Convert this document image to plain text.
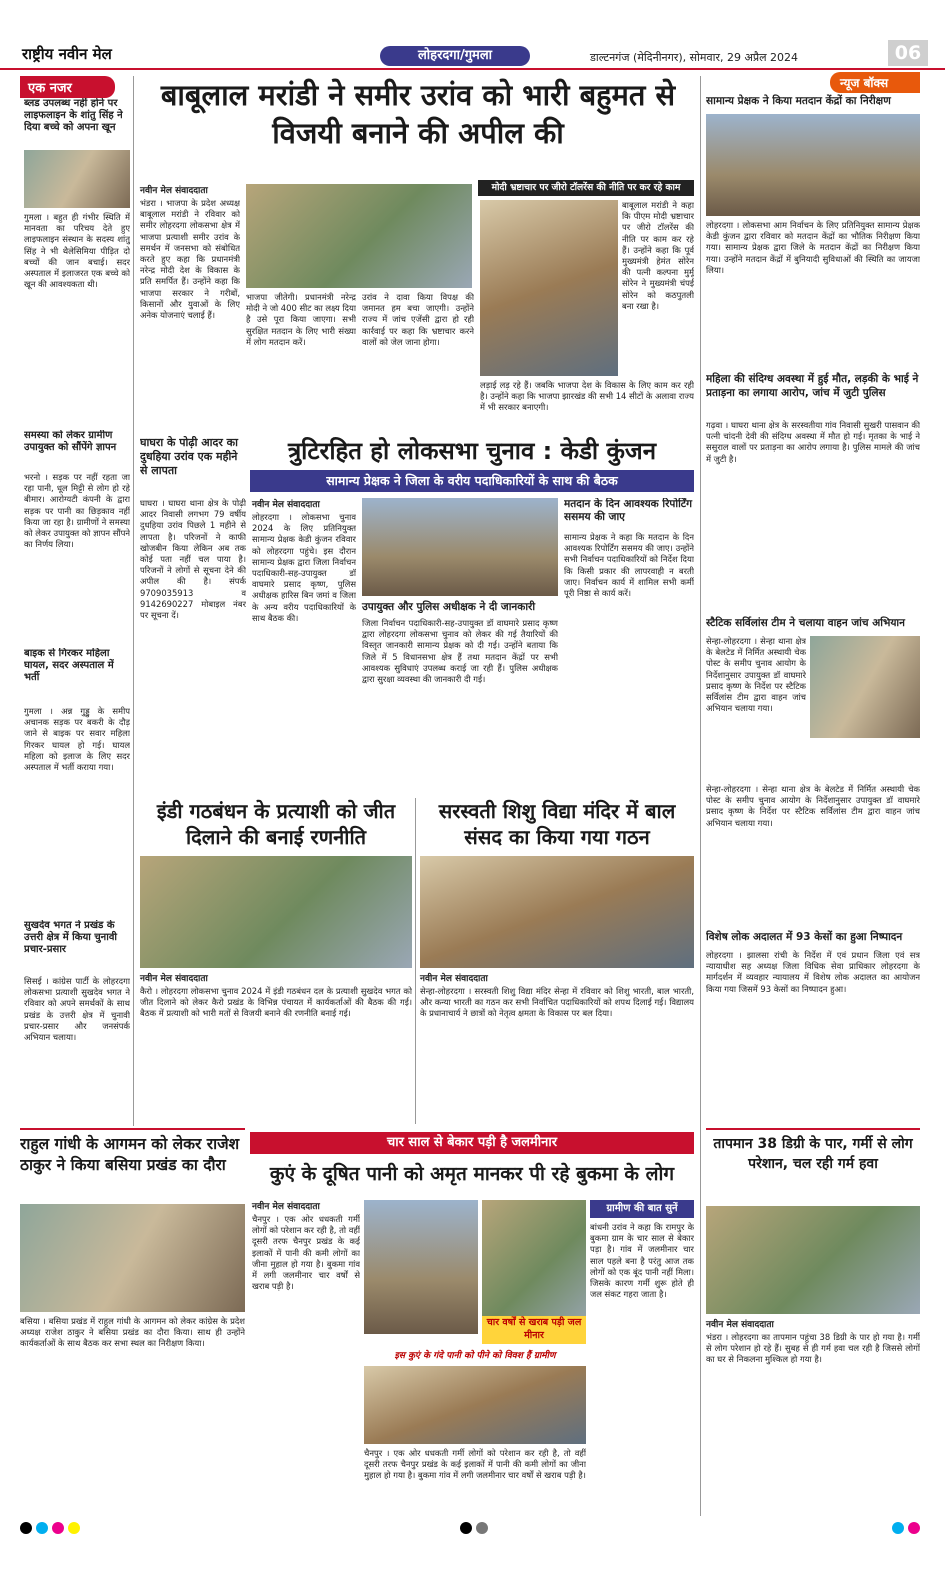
राष्ट्रीय नवीन मेल	लोहरदगा/गुमला	डाल्टनगंज (मेदिनीनगर), सोमवार, 29 अप्रैल 2024	06
एक नजर
ब्लड उपलब्ध नहीं होने पर लाइफलाइन के शांतु सिंह ने दिया बच्चे को अपना खून
गुमला । बहुत ही गंभीर स्थिति में मानवता का परिचय देते हुए लाइफलाइन संस्थान के सदस्य शांतु सिंह ने भी थैलेसिमिया पीड़ित दो बच्चों की जान बचाई। सदर अस्पताल में इलाजरत एक बच्चे को खून की आवश्यकता थी।
समस्या को लेकर ग्रामीण उपायुक्त को सौंपेंगे ज्ञापन
भरनो । सड़क पर नहीं रहता जा रहा पानी, धूल मिट्टी से लोग हो रहे बीमार। आरोग्यटी कंपनी के द्वारा सड़क पर पानी का छिड़काव नहीं किया जा रहा है। ग्रामीणों ने समस्या को लेकर उपायुक्त को ज्ञापन सौंपने का निर्णय लिया।
बाइक से गिरकर महिला घायल, सदर अस्पताल में भर्ती
गुमला । अन्न गुड्डु के समीप अचानक सड़क पर बकरी के दौड़ जाने से बाइक पर सवार महिला गिरकर घायल हो गई। घायल महिला को इलाज के लिए सदर अस्पताल में भर्ती कराया गया।
सुखदेव भगत ने प्रखंड के उत्तरी क्षेत्र में किया चुनावी प्रचार-प्रसार
सिसई । कांग्रेस पार्टी के लोहरदगा लोकसभा प्रत्याशी सुखदेव भगत ने रविवार को अपने समर्थकों के साथ प्रखंड के उत्तरी क्षेत्र में चुनावी प्रचार-प्रसार और जनसंपर्क अभियान चलाया।
बाबूलाल मरांडी ने समीर उरांव को भारी बहुमत से विजयी बनाने की अपील की
नवीन मेल संवाददाता
भंडरा । भाजपा के प्रदेश अध्यक्ष बाबूलाल मरांडी ने रविवार को समीर लोहरदगा लोकसभा क्षेत्र में भाजपा प्रत्याशी समीर उरांव के समर्थन में जनसभा को संबोधित करते हुए कहा कि प्रधानमंत्री नरेन्द्र मोदी देश के विकास के प्रति समर्पित हैं। उन्होंने कहा कि भाजपा सरकार ने गरीबों, किसानों और युवाओं के लिए अनेक योजनाएं चलाई हैं।
भाजपा जीतेगी। प्रधानमंत्री नरेन्द्र मोदी ने जो 400 सीट का लक्ष्य दिया है उसे पूरा किया जाएगा। सभी सुरक्षित मतदान के लिए भारी संख्या में लोग मतदान करें।
उरांव ने दावा किया विपक्ष की जमानत हम बचा जाएगी। उन्होंने राज्य में जांच एजेंसी द्वारा हो रही कार्रवाई पर कहा कि भ्रष्टाचार करने वालों को जेल जाना होगा।
मोदी भ्रष्टाचार पर जीरो टॉलरेंस की नीति पर कर रहे काम
बाबूलाल मरांडी ने कहा कि पीएम मोदी भ्रष्टाचार पर जीरो टॉलरेंस की नीति पर काम कर रहे हैं। उन्होंने कहा कि पूर्व मुख्यमंत्री हेमंत सोरेन की पत्नी कल्पना मुर्मू सोरेन ने मुख्यमंत्री चंपई सोरेन को कठपुतली बना रखा है।
लड़ाई लड़ रहे हैं। जबकि भाजपा देश के विकास के लिए काम कर रही है। उन्होंने कहा कि भाजपा झारखंड की सभी 14 सीटों के अलावा राज्य में भी सरकार बनाएगी।
घाघरा के पोढ़ी आदर का दुधहिया उरांव एक महीने से लापता
घाघरा । घाघरा थाना क्षेत्र के पोढ़ी आदर निवासी लगभग 79 वर्षीय दुधहिया उरांव पिछले 1 महीने से लापता है। परिजनों ने काफी खोजबीन किया लेकिन अब तक कोई पता नहीं चल पाया है। परिजनों ने लोगों से सूचना देने की अपील की है। संपर्क 9709035913 व 9142690227 मोबाइल नंबर पर सूचना दें।
त्रुटिरहित हो लोकसभा चुनाव : केडी कुंजन
सामान्य प्रेक्षक ने जिला के वरीय पदाधिकारियों के साथ की बैठक
नवीन मेल संवाददाता
लोहरदगा । लोकसभा चुनाव 2024 के लिए प्रतिनियुक्त सामान्य प्रेक्षक केडी कुंजन रविवार को लोहरदगा पहुंचे। इस दौरान सामान्य प्रेक्षक द्वारा जिला निर्वाचन पदाधिकारी-सह-उपायुक्त डॉ वाघमारे प्रसाद कृष्ण, पुलिस अधीक्षक हारिस बिन जमां व जिला के अन्य वरीय पदाधिकारियों के साथ बैठक की।
उपायुक्त और पुलिस अधीक्षक ने दी जानकारी
जिला निर्वाचन पदाधिकारी-सह-उपायुक्त डॉ वाघमारे प्रसाद कृष्ण द्वारा लोहरदगा लोकसभा चुनाव को लेकर की गई तैयारियों की विस्तृत जानकारी सामान्य प्रेक्षक को दी गई। उन्होंने बताया कि जिले में 5 विधानसभा क्षेत्र हैं तथा मतदान केंद्रों पर सभी आवश्यक सुविधाएं उपलब्ध कराई जा रही हैं। पुलिस अधीक्षक द्वारा सुरक्षा व्यवस्था की जानकारी दी गई।
मतदान के दिन आवश्यक रिपोर्टिंग ससमय की जाए
सामान्य प्रेक्षक ने कहा कि मतदान के दिन आवश्यक रिपोर्टिंग ससमय की जाए। उन्होंने सभी निर्वाचन पदाधिकारियों को निर्देश दिया कि किसी प्रकार की लापरवाही न बरती जाए। निर्वाचन कार्य में शामिल सभी कर्मी पूरी निष्ठा से कार्य करें।
इंडी गठबंधन के प्रत्याशी को जीत दिलाने की बनाई रणनीति
नवीन मेल संवाददाता
कैरो । लोहरदगा लोकसभा चुनाव 2024 में इंडी गठबंधन दल के प्रत्याशी सुखदेव भगत को जीत दिलाने को लेकर कैरो प्रखंड के विभिन्न पंचायत में कार्यकर्ताओं की बैठक की गई। बैठक में प्रत्याशी को भारी मतों से विजयी बनाने की रणनीति बनाई गई।
सरस्वती शिशु विद्या मंदिर में बाल संसद का किया गया गठन
नवीन मेल संवाददाता
सेन्हा-लोहरदगा । सरस्वती शिशु विद्या मंदिर सेन्हा में रविवार को शिशु भारती, बाल भारती, और कन्या भारती का गठन कर सभी निर्वाचित पदाधिकारियों को शपथ दिलाई गई। विद्यालय के प्रधानाचार्य ने छात्रों को नेतृत्व क्षमता के विकास पर बल दिया।
राहुल गांधी के आगमन को लेकर राजेश ठाकुर ने किया बसिया प्रखंड का दौरा
बसिया । बसिया प्रखंड में राहुल गांधी के आगमन को लेकर कांग्रेस के प्रदेश अध्यक्ष राजेश ठाकुर ने बसिया प्रखंड का दौरा किया। साथ ही उन्होंने कार्यकर्ताओं के साथ बैठक कर सभा स्थल का निरीक्षण किया।
चार साल से बेकार पड़ी है जलमीनार
कुएं के दूषित पानी को अमृत मानकर पी रहे बुकमा के लोग
नवीन मेल संवाददाता
चैनपुर । एक ओर धधकती गर्मी लोगों को परेशान कर रही है, तो वहीं दूसरी तरफ चैनपुर प्रखंड के कई इलाकों में पानी की कमी लोगों का जीना मुहाल हो गया है। बुकमा गांव में लगी जलमीनार चार वर्षों से खराब पड़ी है।
चार वर्षों से खराब पड़ी जल मीनार
इस कुएं के गंदे पानी को पीने को विवश हैं ग्रामीण
चैनपुर । एक ओर धधकती गर्मी लोगों को परेशान कर रही है, तो वहीं दूसरी तरफ चैनपुर प्रखंड के कई इलाकों में पानी की कमी लोगों का जीना मुहाल हो गया है। बुकमा गांव में लगी जलमीनार चार वर्षों से खराब पड़ी है।
ग्रामीण की बात सुनें
बांधनी उरांव ने कहा कि रामपुर के बुकमा ग्राम के चार साल से बेकार पड़ा है। गांव में जलमीनार चार साल पहले बना है परंतु आज तक लोगों को एक बूंद पानी नहीं मिला। जिसके कारण गर्मी शुरू होते ही जल संकट गहरा जाता है।
न्यूज बॉक्स
सामान्य प्रेक्षक ने किया मतदान केंद्रों का निरीक्षण
लोहरदगा । लोकसभा आम निर्वाचन के लिए प्रतिनियुक्त सामान्य प्रेक्षक केडी कुंजन द्वारा रविवार को मतदान केंद्रों का भौतिक निरीक्षण किया गया। सामान्य प्रेक्षक द्वारा जिले के मतदान केंद्रों का निरीक्षण किया गया। उन्होंने मतदान केंद्रों में बुनियादी सुविधाओं की स्थिति का जायजा लिया।
महिला की संदिग्ध अवस्था में हुई मौत, लड़की के भाई ने प्रताड़ना का लगाया आरोप, जांच में जुटी पुलिस
गढ़वा । घाघरा थाना क्षेत्र के सरस्वतीया गांव निवासी सुखरी पासवान की पत्नी चांदनी देवी की संदिग्ध अवस्था में मौत हो गई। मृतका के भाई ने ससुराल वालों पर प्रताड़ना का आरोप लगाया है। पुलिस मामले की जांच में जुटी है।
स्टैटिक सर्विलांस टीम ने चलाया वाहन जांच अभियान
सेन्हा-लोहरदगा । सेन्हा थाना क्षेत्र के बेलटेड में निर्मित अस्थायी चेक पोस्ट के समीप चुनाव आयोग के निर्देशानुसार उपायुक्त डॉ वाघमारे प्रसाद कृष्ण के निर्देश पर स्टैटिक सर्विलांस टीम द्वारा वाहन जांच अभियान चलाया गया।
सेन्हा-लोहरदगा । सेन्हा थाना क्षेत्र के बेलटेड में निर्मित अस्थायी चेक पोस्ट के समीप चुनाव आयोग के निर्देशानुसार उपायुक्त डॉ वाघमारे प्रसाद कृष्ण के निर्देश पर स्टैटिक सर्विलांस टीम द्वारा वाहन जांच अभियान चलाया गया।
विशेष लोक अदालत में 93 केसों का हुआ निष्पादन
लोहरदगा । झालसा रांची के निर्देश में एवं प्रधान जिला एवं सत्र न्यायाधीश सह अध्यक्ष जिला विधिक सेवा प्राधिकार लोहरदगा के मार्गदर्शन में व्यवहार न्यायालय में विशेष लोक अदालत का आयोजन किया गया जिसमें 93 केसों का निष्पादन हुआ।
तापमान 38 डिग्री के पार, गर्मी से लोग परेशान, चल रही गर्म हवा
नवीन मेल संवाददाता
भंडरा । लोहरदगा का तापमान पहुंचा 38 डिग्री के पार हो गया है। गर्मी से लोग परेशान हो रहे हैं। सुबह से ही गर्म हवा चल रही है जिससे लोगों का घर से निकलना मुश्किल हो गया है।
